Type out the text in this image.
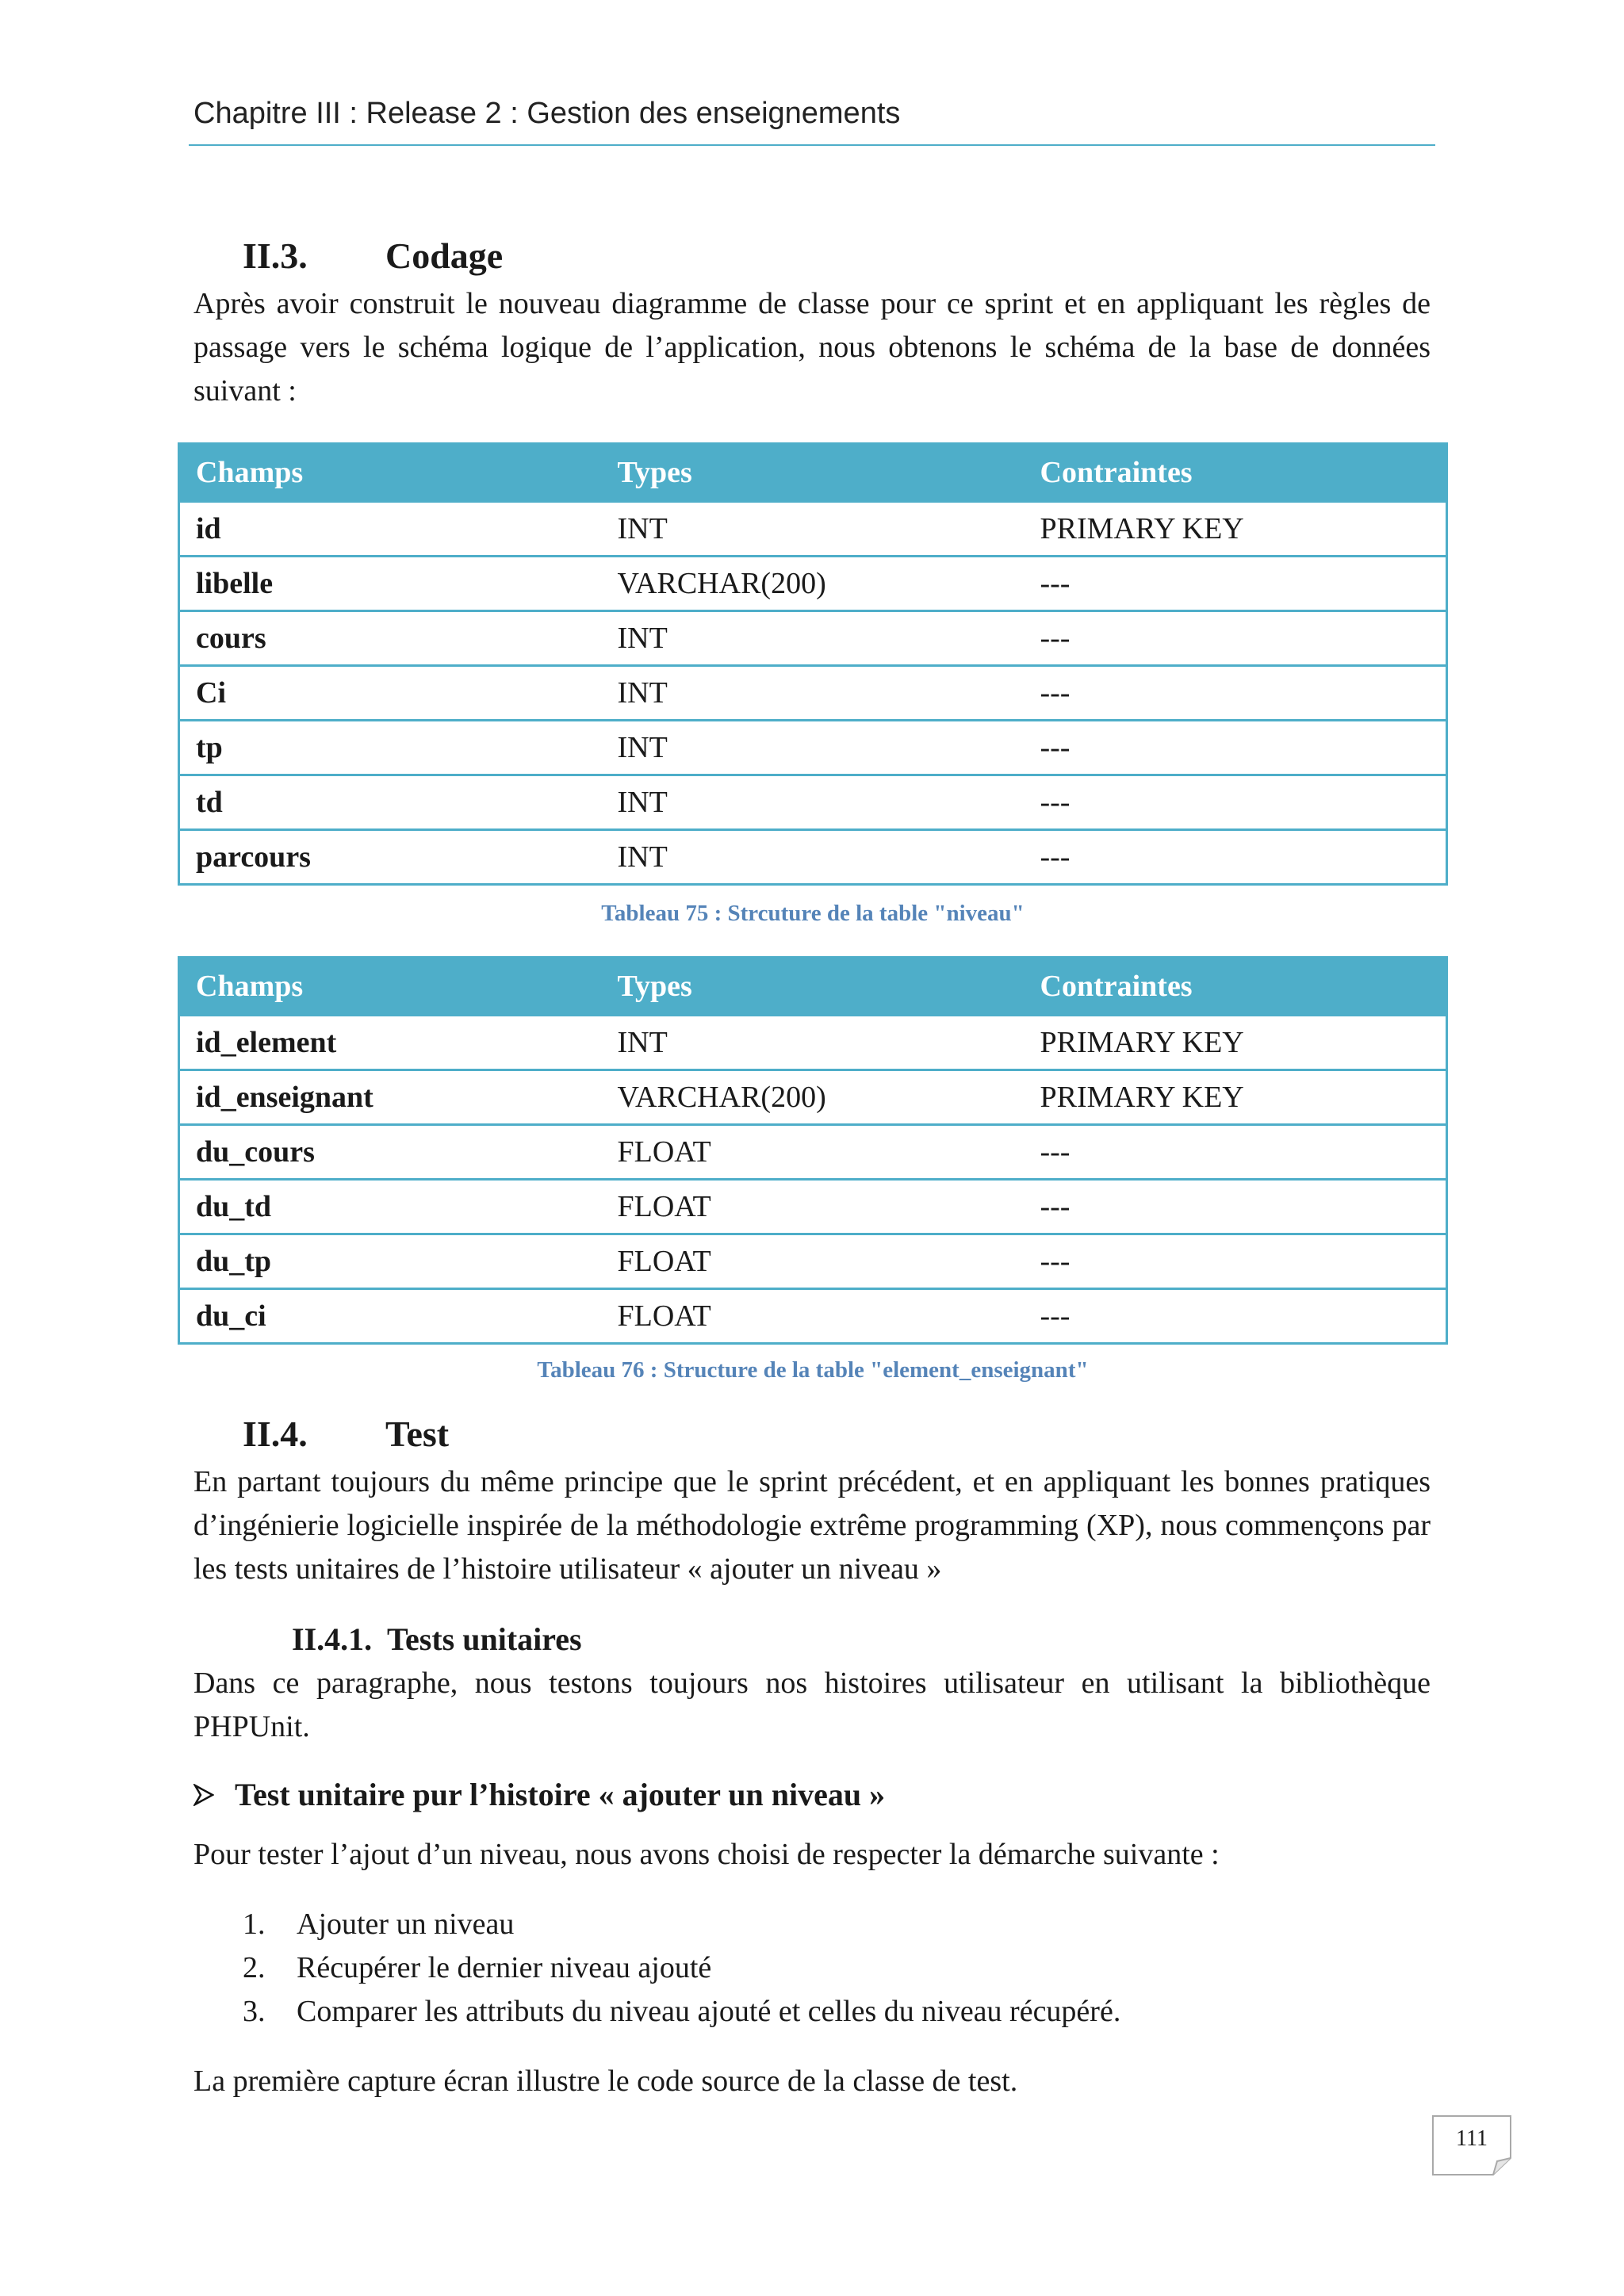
Chapitre III : Release 2 : Gestion des enseignements
II.3.	Codage
Après avoir construit le nouveau diagramme de classe pour ce sprint et en appliquant les règles de passage vers le schéma logique de l’application, nous obtenons le schéma de la base de données suivant :
Champs	Types	Contraintes
id	INT	PRIMARY KEY
libelle	VARCHAR(200)	---
cours	INT	---
Ci	INT	---
tp	INT	---
td	INT	---
parcours	INT	---
Tableau 75 : Strcuture de la table "niveau"
Champs	Types	Contraintes
id_element	INT	PRIMARY KEY
id_enseignant	VARCHAR(200)	PRIMARY KEY
du_cours	FLOAT	---
du_td	FLOAT	---
du_tp	FLOAT	---
du_ci	FLOAT	---
Tableau 76 : Structure de la table "element_enseignant"
II.4.	Test
En partant toujours du même principe que le sprint précédent, et en appliquant les bonnes pratiques d’ingénierie logicielle inspirée de la méthodologie extrême programming (XP), nous commençons par les tests unitaires de l’histoire utilisateur « ajouter un niveau »
II.4.1. Tests unitaires
Dans ce paragraphe, nous testons toujours nos histoires utilisateur en utilisant la bibliothèque PHPUnit.
Test unitaire pur l’histoire « ajouter un niveau »
Pour tester l’ajout d’un niveau, nous avons choisi de respecter la démarche suivante :
1.	Ajouter un niveau
2.	Récupérer le dernier niveau ajouté
3.	Comparer les attributs du niveau ajouté et celles du niveau récupéré.
La première capture écran illustre le code source de la classe de test.
111
